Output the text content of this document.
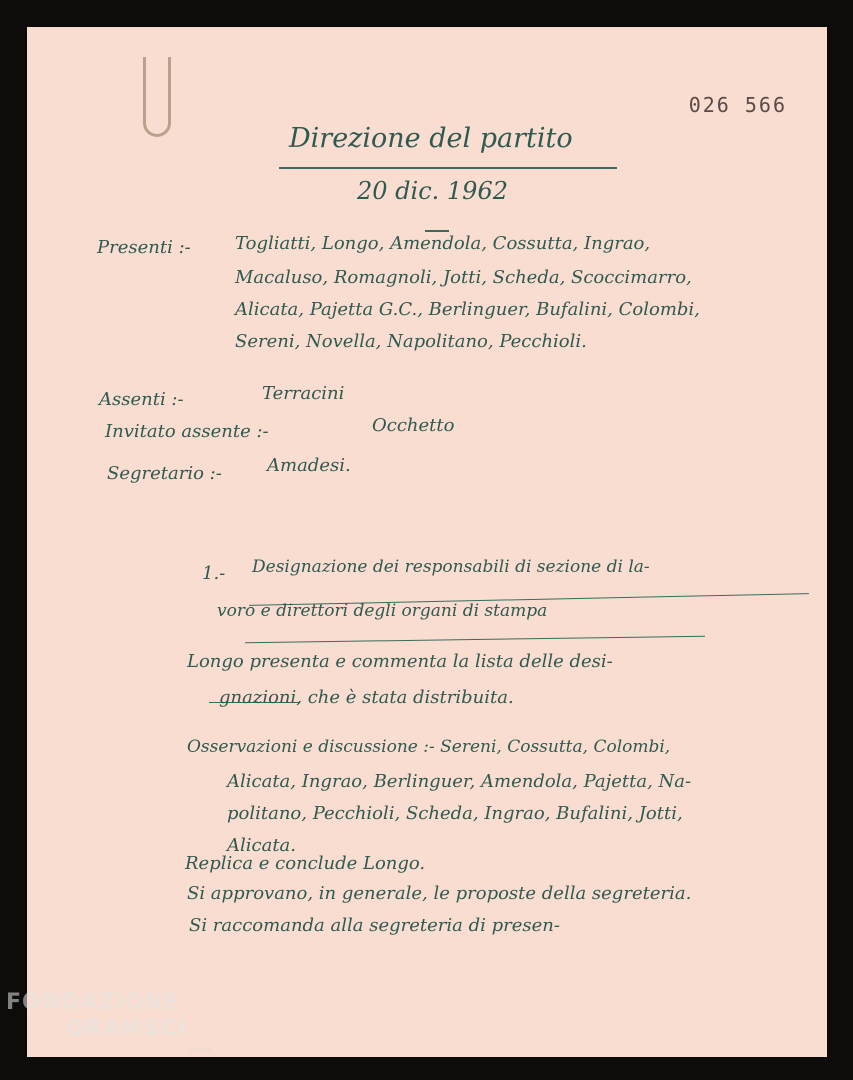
026 566
Direzione del partito
20 dic. 1962
Presenti :- Togliatti, Longo, Amendola, Cossutta, Ingrao,
Macaluso, Romagnoli, Jotti, Scheda, Scoccimarro,
Alicata, Pajetta G.C., Berlinguer, Bufalini, Colombi,
Sereni, Novella, Napolitano, Pecchioli.
Assenti :-	Terracini
Invitato assente :-	Occhetto
Segretario :-	Amadesi.
1.- Designazione dei responsabili di sezione di la-
voro e direttori degli organi di stampa
Longo presenta e commenta la lista delle desi-
gnazioni, che è stata distribuita.
Osservazioni e discussione :- Sereni, Cossutta, Colombi,
Alicata, Ingrao, Berlinguer, Amendola, Pajetta, Na-
politano, Pecchioli, Scheda, Ingrao, Bufalini, Jotti,
Alicata.
Replica e conclude Longo.
Si approvano, in generale, le proposte della segreteria.
Si raccomanda alla segreteria di presen-
FONDAZIONE
GRAMSCI
onlus
